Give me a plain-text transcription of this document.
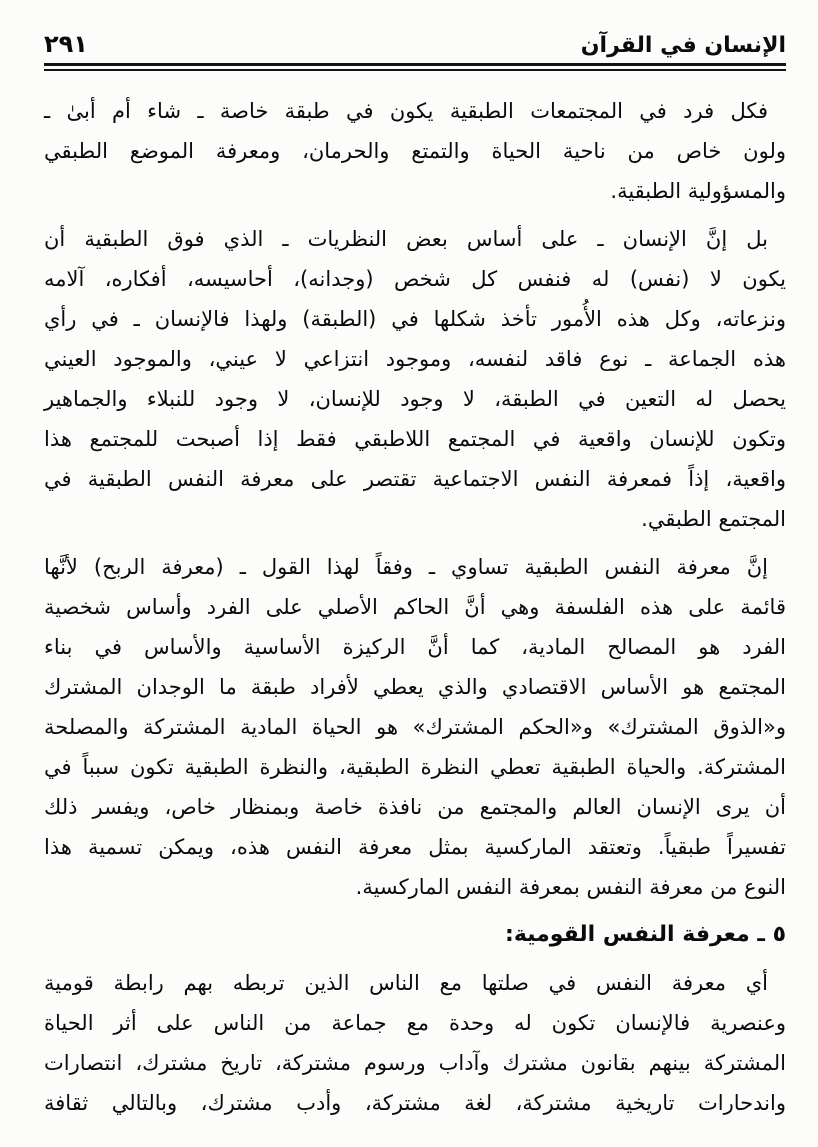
الإنسان في القرآن
٢٩١
فكل فرد في المجتمعات الطبقية يكون في طبقة خاصة ـ شاء أم أبىٰ ـ
ولون خاص من ناحية الحياة والتمتع والحرمان، ومعرفة الموضع الطبقي
والمسؤولية الطبقية.
بل إنَّ الإنسان ـ على أساس بعض النظريات ـ الذي فوق الطبقية أن
يكون لا (نفس) له فنفس كل شخص (وجدانه)، أحاسيسه، أفكاره، آلامه
ونزعاته، وكل هذه الأُمور تأخذ شكلها في (الطبقة) ولهذا فالإنسان ـ في رأي
هذه الجماعة ـ نوع فاقد لنفسه، وموجود انتزاعي لا عيني، والموجود العيني
يحصل له التعين في الطبقة، لا وجود للإنسان، لا وجود للنبلاء والجماهير
وتكون للإنسان واقعية في المجتمع اللاطبقي فقط إذا أصبحت للمجتمع هذا
واقعية، إذاً فمعرفة النفس الاجتماعية تقتصر على معرفة النفس الطبقية في
المجتمع الطبقي.
إنَّ معرفة النفس الطبقية تساوي ـ وفقاً لهذا القول ـ (معرفة الربح) لأنَّها
قائمة على هذه الفلسفة وهي أنَّ الحاكم الأصلي على الفرد وأساس شخصية
الفرد هو المصالح المادية، كما أنَّ الركيزة الأساسية والأساس في بناء
المجتمع هو الأساس الاقتصادي والذي يعطي لأفراد طبقة ما الوجدان المشترك
و«الذوق المشترك» و«الحكم المشترك» هو الحياة المادية المشتركة والمصلحة
المشتركة. والحياة الطبقية تعطي النظرة الطبقية، والنظرة الطبقية تكون سبباً في
أن يرى الإنسان العالم والمجتمع من نافذة خاصة وبمنظار خاص، ويفسر ذلك
تفسيراً طبقياً. وتعتقد الماركسية بمثل معرفة النفس هذه، ويمكن تسمية هذا
النوع من معرفة النفس بمعرفة النفس الماركسية.
٥ ـ معرفة النفس القومية:
أي معرفة النفس في صلتها مع الناس الذين تربطه بهم رابطة قومية
وعنصرية فالإنسان تكون له وحدة مع جماعة من الناس على أثر الحياة
المشتركة بينهم بقانون مشترك وآداب ورسوم مشتركة، تاريخ مشترك، انتصارات
واندحارات تاريخية مشتركة، لغة مشتركة، وأدب مشترك، وبالتالي ثقافة
